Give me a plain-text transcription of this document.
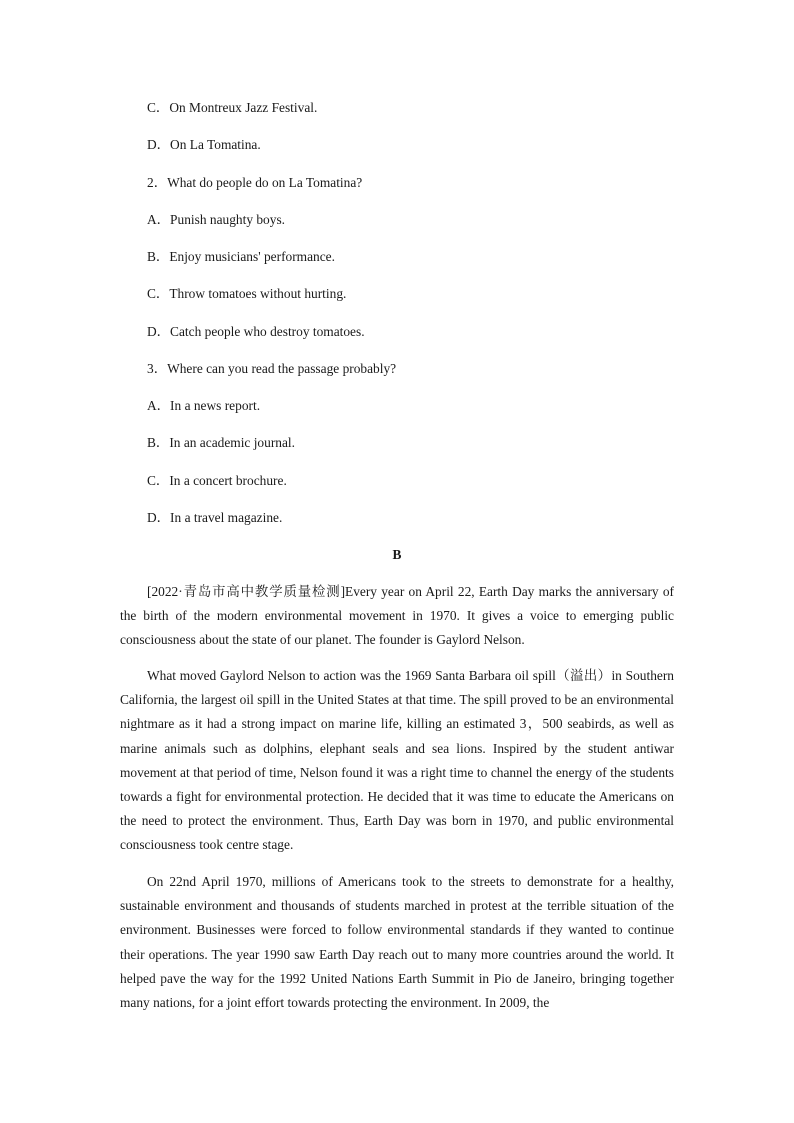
C．On Montreux Jazz Festival.
D．On La Tomatina.
2．What do people do on La Tomatina?
A．Punish naughty boys.
B．Enjoy musicians' performance.
C．Throw tomatoes without hurting.
D．Catch people who destroy tomatoes.
3．Where can you read the passage probably?
A．In a news report.
B．In an academic journal.
C．In a concert brochure.
D．In a travel magazine.
B

[2022·青岛市高中教学质量检测]Every year on April 22, Earth Day marks the anniversary of the birth of the modern environmental movement in 1970. It gives a voice to emerging public consciousness about the state of our planet. The founder is Gaylord Nelson.

What moved Gaylord Nelson to action was the 1969 Santa Barbara oil spill（溢出）in Southern California, the largest oil spill in the United States at that time. The spill proved to be an environmental nightmare as it had a strong impact on marine life, killing an estimated 3，500 seabirds, as well as marine animals such as dolphins, elephant seals and sea lions. Inspired by the student antiwar movement at that period of time, Nelson found it was a right time to channel the energy of the students towards a fight for environmental protection. He decided that it was time to educate the Americans on the need to protect the environment. Thus, Earth Day was born in 1970, and public environmental consciousness took centre stage.

On 22nd April 1970, millions of Americans took to the streets to demonstrate for a healthy, sustainable environment and thousands of students marched in protest at the terrible situation of the environment. Businesses were forced to follow environmental standards if they wanted to continue their operations. The year 1990 saw Earth Day reach out to many more countries around the world. It helped pave the way for the 1992 United Nations Earth Summit in Pio de Janeiro, bringing together many nations, for a joint effort towards protecting the environment. In 2009, the
